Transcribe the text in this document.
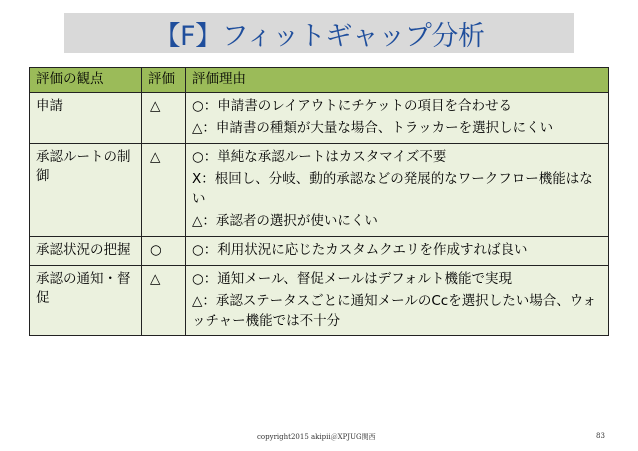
【F】フィットギャップ分析
評価の観点	評価	評価理由
申請	△	○：申請書のレイアウトにチケットの項目を合わせる

△：申請書の種類が大量な場合、トラッカーを選択しにくい

承認ルートの制御	△	○：単純な承認ルートはカスタマイズ不要

X：根回し、分岐、動的承認などの発展的なワークフロー機能はない

△：承認者の選択が使いにくい

承認状況の把握	○	○：利用状況に応じたカスタムクエリを作成すれば良い

承認の通知・督促	△	○：通知メール、督促メールはデフォルト機能で実現

△：承認ステータスごとに通知メールのCcを選択したい場合、ウォッチャー機能では不十分

copyright2015 akipii＠XPJUG関西	83
